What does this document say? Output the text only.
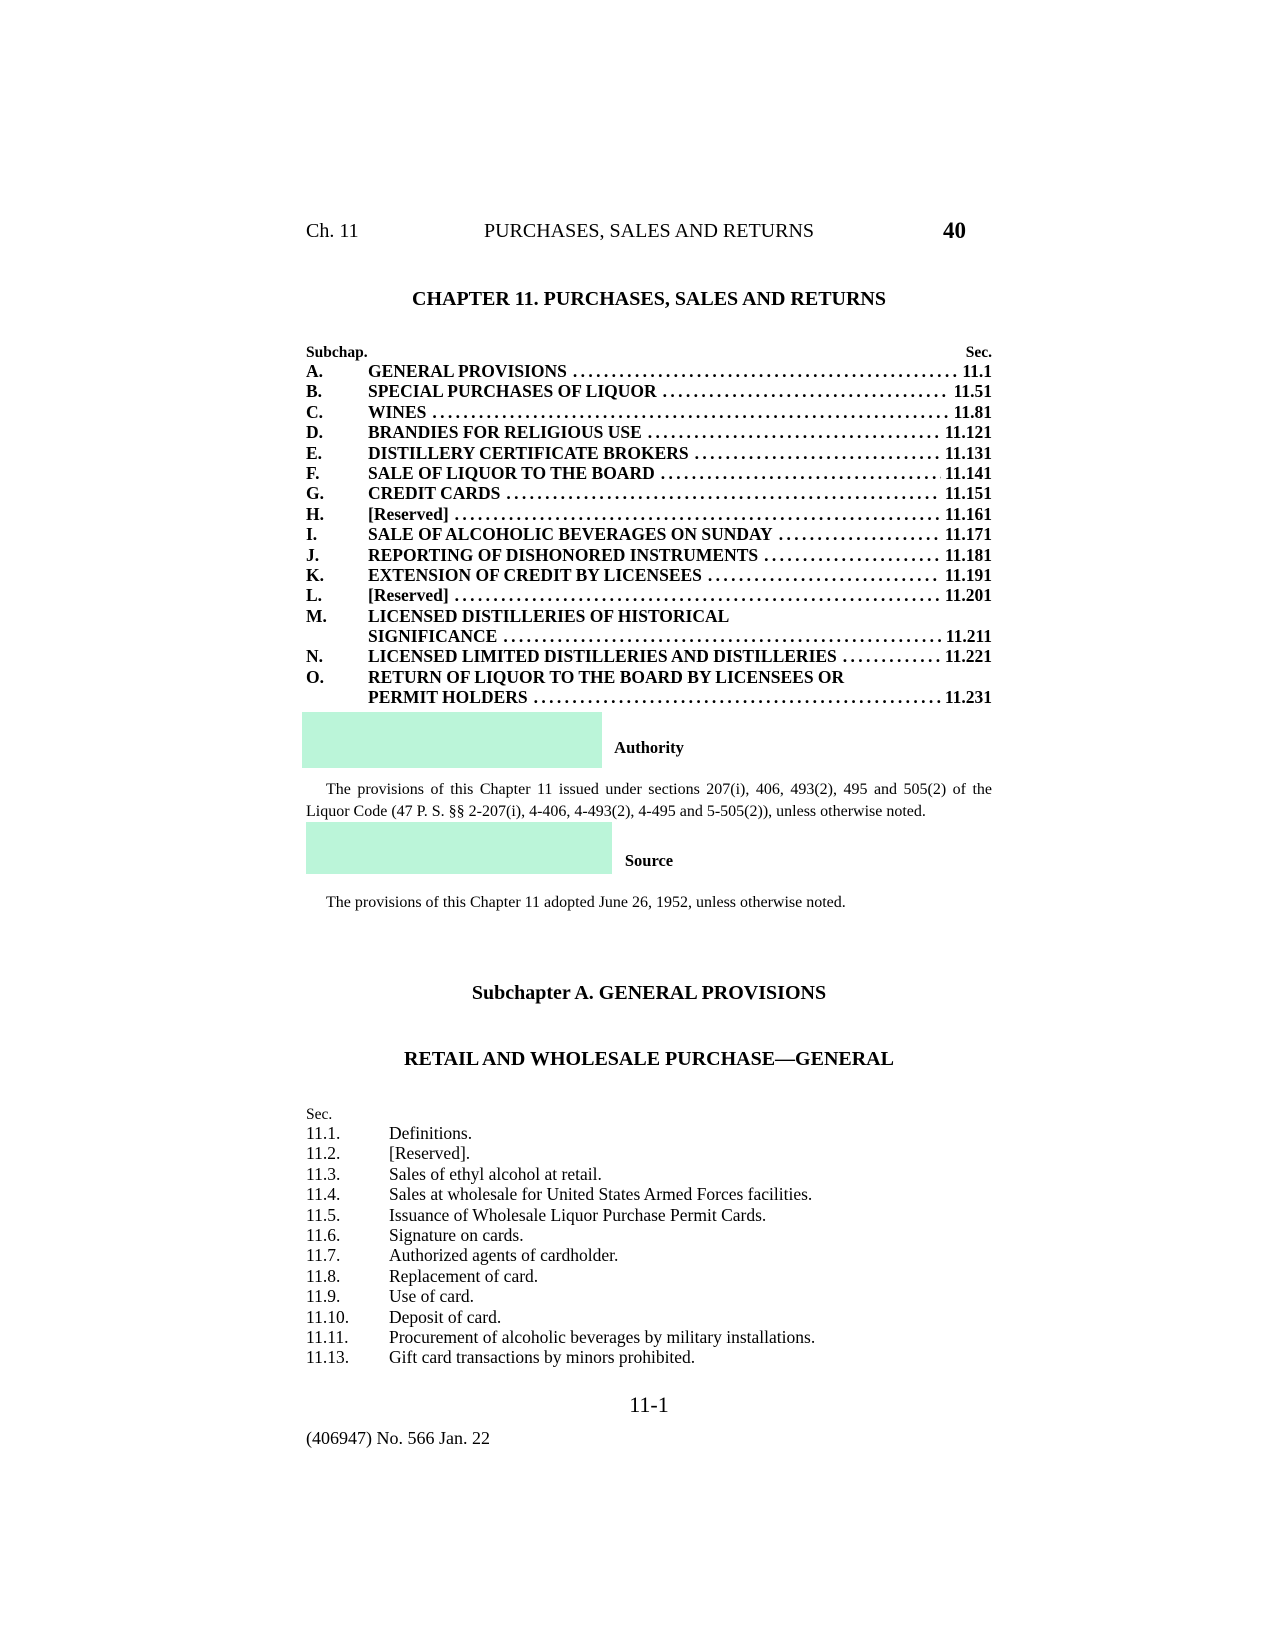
Ch. 11	PURCHASES, SALES AND RETURNS	40
CHAPTER 11. PURCHASES, SALES AND RETURNS
Subchap.	Sec.
A.	GENERAL PROVISIONS . . .	11.1
B.	SPECIAL PURCHASES OF LIQUOR . . .	11.51
C.	WINES . . .	11.81
D.	BRANDIES FOR RELIGIOUS USE . . .	11.121
E.	DISTILLERY CERTIFICATE BROKERS . . .	11.131
F.	SALE OF LIQUOR TO THE BOARD . . .	11.141
G.	CREDIT CARDS . . .	11.151
H.	[Reserved] . . .	11.161
I.	SALE OF ALCOHOLIC BEVERAGES ON SUNDAY . . .	11.171
J.	REPORTING OF DISHONORED INSTRUMENTS . . .	11.181
K.	EXTENSION OF CREDIT BY LICENSEES . . .	11.191
L.	[Reserved] . . .	11.201
M.	LICENSED DISTILLERIES OF HISTORICAL
SIGNIFICANCE . . .	11.211
N.	LICENSED LIMITED DISTILLERIES AND DISTILLERIES . . .	11.221
O.	RETURN OF LIQUOR TO THE BOARD BY LICENSEES OR
PERMIT HOLDERS . . .	11.231
Authority
The provisions of this Chapter 11 issued under sections 207(i), 406, 493(2), 495 and 505(2) of the Liquor Code (47 P. S. §§ 2-207(i), 4-406, 4-493(2), 4-495 and 5-505(2)), unless otherwise noted.
Source
The provisions of this Chapter 11 adopted June 26, 1952, unless otherwise noted.
Subchapter A. GENERAL PROVISIONS
RETAIL AND WHOLESALE PURCHASE—GENERAL
Sec.
11.1.	Definitions.
11.2.	[Reserved].
11.3.	Sales of ethyl alcohol at retail.
11.4.	Sales at wholesale for United States Armed Forces facilities.
11.5.	Issuance of Wholesale Liquor Purchase Permit Cards.
11.6.	Signature on cards.
11.7.	Authorized agents of cardholder.
11.8.	Replacement of card.
11.9.	Use of card.
11.10.	Deposit of card.
11.11.	Procurement of alcoholic beverages by military installations.
11.13.	Gift card transactions by minors prohibited.
11-1
(406947) No. 566 Jan. 22
